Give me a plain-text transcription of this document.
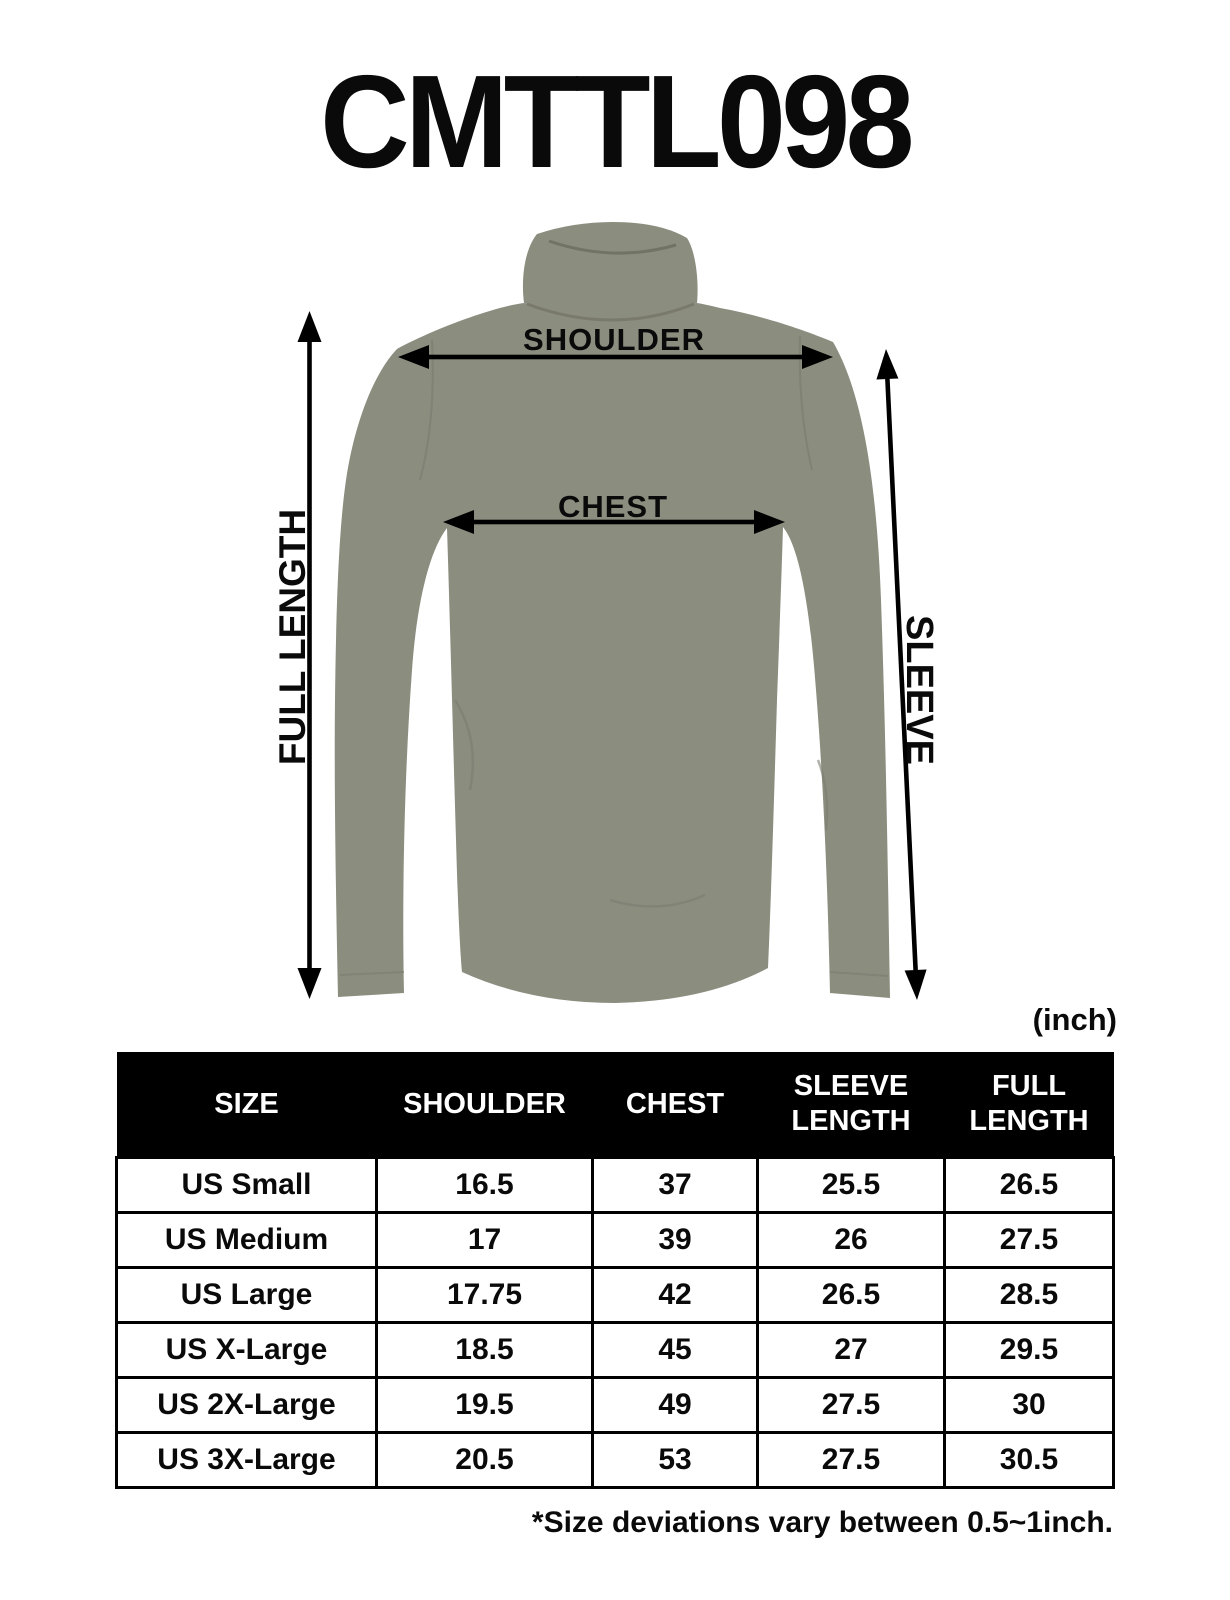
CMTTL098
FULL LENGTH
SHOULDER
CHEST
SLEEVE
(inch)
SIZE	SHOULDER	CHEST	SLEEVE LENGTH	FULL LENGTH
US Small	16.5	37	25.5	26.5
US Medium	17	39	26	27.5
US Large	17.75	42	26.5	28.5
US X-Large	18.5	45	27	29.5
US 2X-Large	19.5	49	27.5	30
US 3X-Large	20.5	53	27.5	30.5
*Size deviations vary between 0.5~1inch.
